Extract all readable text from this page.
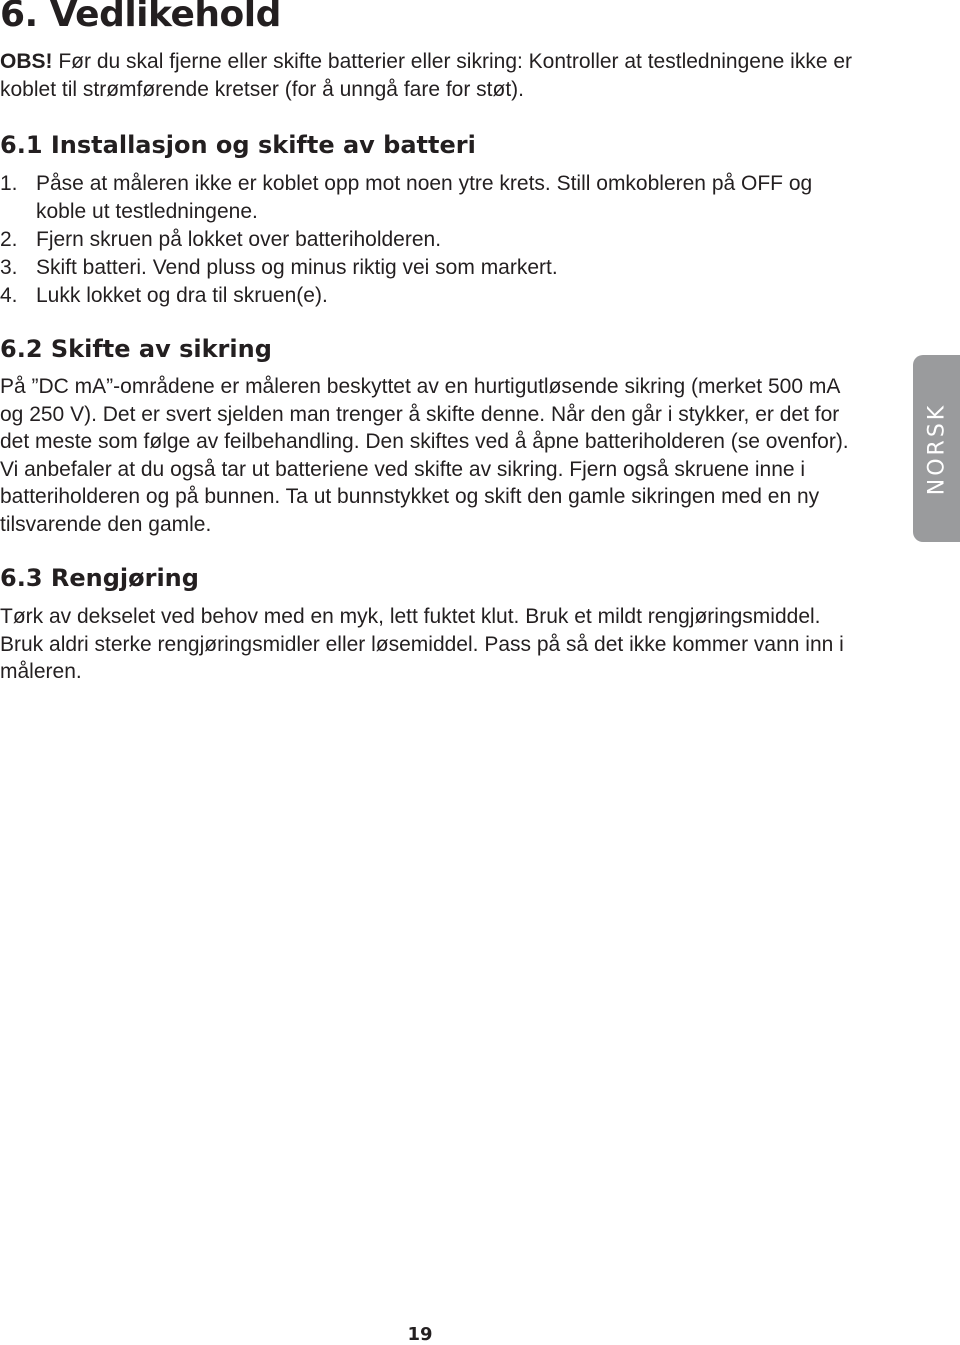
6. Vedlikehold

OBS! Før du skal fjerne eller skifte batterier eller sikring: Kontroller at testledningene ikke er koblet til strømførende kretser (for å unngå fare for støt).

6.1 Installasjon og skifte av batteri
1. Påse at måleren ikke er koblet opp mot noen ytre krets. Still omkobleren på OFF og koble ut testledningene.
2. Fjern skruen på lokket over batteriholderen.
3. Skift batteri. Vend pluss og minus riktig vei som markert.
4. Lukk lokket og dra til skruen(e).
6.2 Skifte av sikring

På ”DC mA”-områdene er måleren beskyttet av en hurtigutløsende sikring (merket 500 mA og 250 V). Det er svert sjelden man trenger å skifte denne. Når den går i stykker, er det for det meste som følge av feilbehandling. Den skiftes ved å åpne batteriholderen (se ovenfor). Vi anbefaler at du også tar ut batteriene ved skifte av sikring. Fjern også skruene inne i batteriholderen og på bunnen. Ta ut bunnstykket og skift den gamle sikringen med en ny tilsvarende den gamle.

6.3 Rengjøring

Tørk av dekselet ved behov med en myk, lett fuktet klut. Bruk et mildt rengjøringsmiddel. Bruk aldri sterke rengjøringsmidler eller løsemiddel. Pass på så det ikke kommer vann inn i måleren.

NORSK
19
